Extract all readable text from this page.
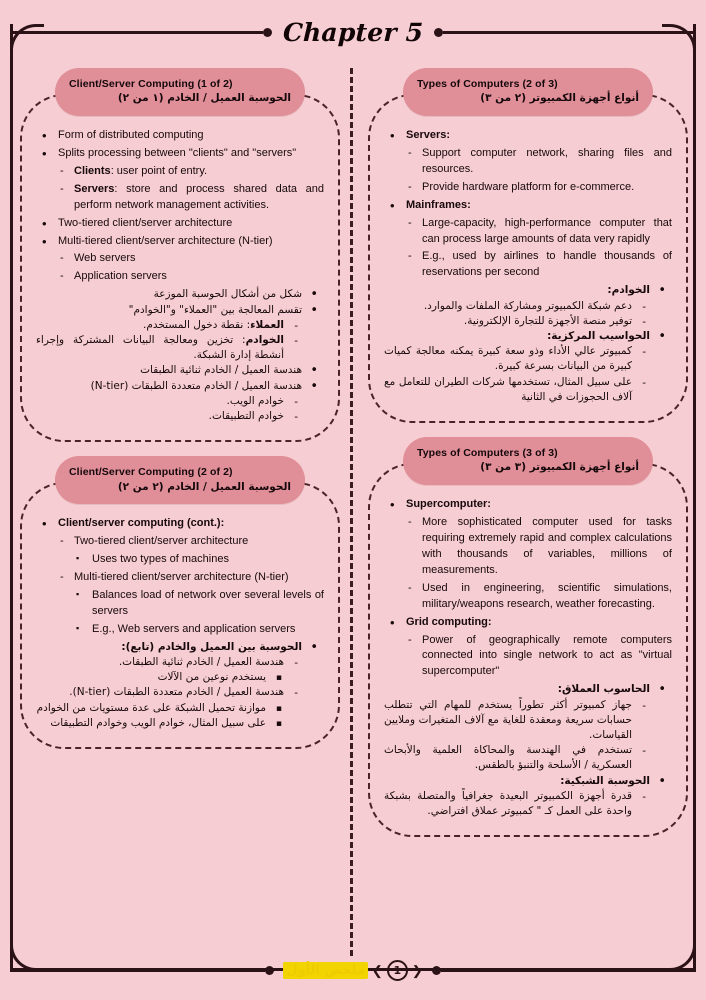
Chapter 5
Client/Server Computing (1 of 2)
الحوسبة العميل / الخادم (١ من ٢)
• Form of distributed computing
• Splits processing between "clients" and "servers"
- Clients: user point of entry.
- Servers: store and process shared data and perform network management activities.
• Two-tiered client/server architecture
• Multi-tiered client/server architecture (N-tier)
- Web servers
- Application servers
• شكل من أشكال الحوسبة الموزعة
• تقسم المعالجة بين "العملاء" و"الخوادم"
- العملاء: نقطة دخول المستخدم.
- الخوادم: تخزين ومعالجة البيانات المشتركة وإجراء أنشطة إدارة الشبكة.
• هندسة العميل / الخادم ثنائية الطبقات
• هندسة العميل / الخادم متعددة الطبقات (N-tier)
- خوادم الويب.
- خوادم التطبيقات.
Client/Server Computing (2 of 2)
الحوسبة العميل / الخادم (٢ من ٢)
• Client/server computing (cont.):
- Two-tiered client/server architecture
▪ Uses two types of machines
- Multi-tiered client/server architecture (N-tier)
▪ Balances load of network over several levels of servers
▪ E.g., Web servers and application servers
• الحوسبة بين العميل والخادم (تابع):
- هندسة العميل / الخادم ثنائية الطبقات.
▪ يستخدم نوعين من الآلات
- هندسة العميل / الخادم متعددة الطبقات (N-tier).
▪ موازنة تحميل الشبكة على عدة مستويات من الخوادم
▪ على سبيل المثال، خوادم الويب وخوادم التطبيقات
Types of Computers (2 of 3)
أنواع أجهزة الكمبيوتر (٢ من ٣)
• Servers:
- Support computer network, sharing files and resources.
- Provide hardware platform for e-commerce.
• Mainframes:
- Large-capacity, high-performance computer that can process large amounts of data very rapidly
- E.g., used by airlines to handle thousands of reservations per second
• الخوادم:
- دعم شبكة الكمبيوتر ومشاركة الملفات والموارد.
- توفير منصة الأجهزة للتجارة الإلكترونية.
• الحواسيب المركزية:
- كمبيوتر عالي الأداء وذو سعة كبيرة يمكنه معالجة كميات كبيرة من البيانات بسرعة كبيرة.
- على سبيل المثال، تستخدمها شركات الطيران للتعامل مع آلاف الحجوزات في الثانية
Types of Computers (3 of 3)
أنواع أجهزة الكمبيوتر (٣ من ٣)
• Supercomputer:
- More sophisticated computer used for tasks requiring extremely rapid and complex calculations with thousands of variables, millions of measurements.
- Used in engineering, scientific simulations, military/weapons research, weather forecasting.
• Grid computing:
- Power of geographically remote computers connected into single network to act as "virtual supercomputer"
• الحاسوب العملاق:
- جهاز كمبيوتر أكثر تطوراً يستخدم للمهام التي تتطلب حسابات سريعة ومعقدة للغاية مع آلاف المتغيرات وملايين القياسات.
- تستخدم في الهندسة والمحاكاة العلمية والأبحاث العسكرية / الأسلحة والتنبؤ بالطقس.
• الحوسبة الشبكية:
- قدرة أجهزة الكمبيوتر البعيدة جغرافياً والمتصلة بشبكة واحدة على العمل كـ " كمبيوتر عملاق افتراضي.
ملخص الأول ❮ 1 ❯
